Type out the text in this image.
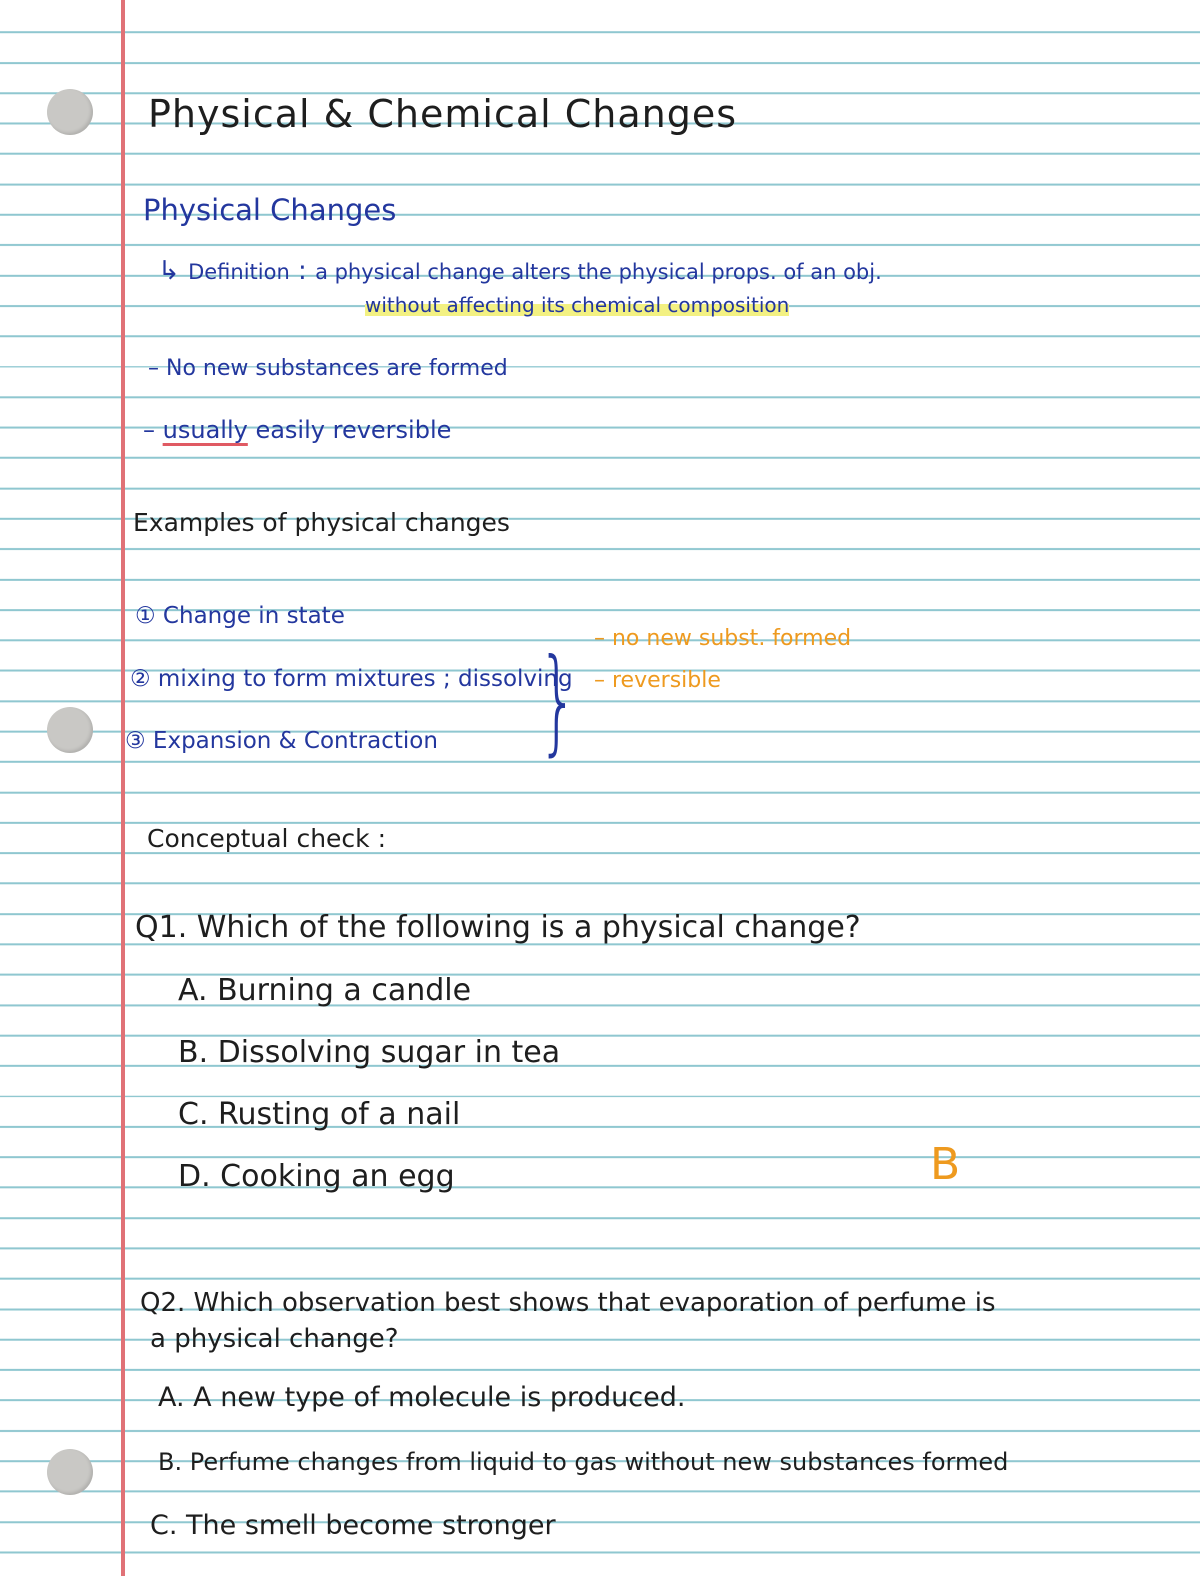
Physical & Chemical Changes
Physical Changes
↳ Definition : a physical change alters the physical props. of an obj.
without affecting its chemical composition
– No new substances are formed
– usually easily reversible
Examples of physical changes
① Change in state
② mixing to form mixtures ; dissolving
③ Expansion & Contraction } – no new subst. formed
– reversible
Conceptual check :
Q1. Which of the following is a physical change?
A. Burning a candle
B. Dissolving sugar in tea
C. Rusting of a nail
D. Cooking an egg	B
Q2. Which observation best shows that evaporation of perfume is
a physical change?
A. A new type of molecule is produced.
B. Perfume changes from liquid to gas without new substances formed
C. The smell become stronger
